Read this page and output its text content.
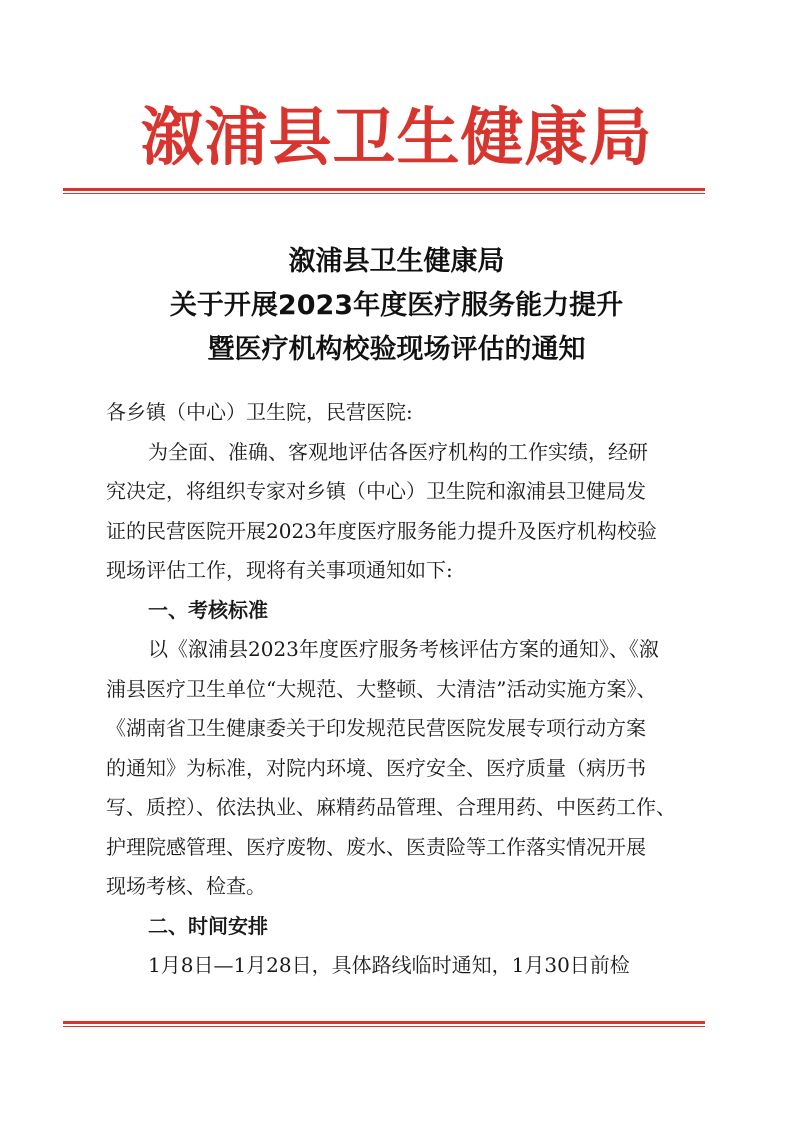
溆浦县卫生健康局
溆浦县卫生健康局
关于开展2023年度医疗服务能力提升
暨医疗机构校验现场评估的通知
各乡镇（中心）卫生院，民营医院:
为全面、准确、客观地评估各医疗机构的工作实绩，经研
究决定，将组织专家对乡镇（中心）卫生院和溆浦县卫健局发
证的民营医院开展2023年度医疗服务能力提升及医疗机构校验
现场评估工作，现将有关事项通知如下:
一、考核标准
以《溆浦县2023年度医疗服务考核评估方案的通知》、《溆
浦县医疗卫生单位“大规范、大整顿、大清洁”活动实施方案》、
《湖南省卫生健康委关于印发规范民营医院发展专项行动方案
的通知》为标准，对院内环境、医疗安全、医疗质量（病历书
写、质控）、依法执业、麻精药品管理、合理用药、中医药工作、
护理院感管理、医疗废物、废水、医责险等工作落实情况开展
现场考核、检查。
二、时间安排
1月8日—1月28日，具体路线临时通知，1月30日前检
